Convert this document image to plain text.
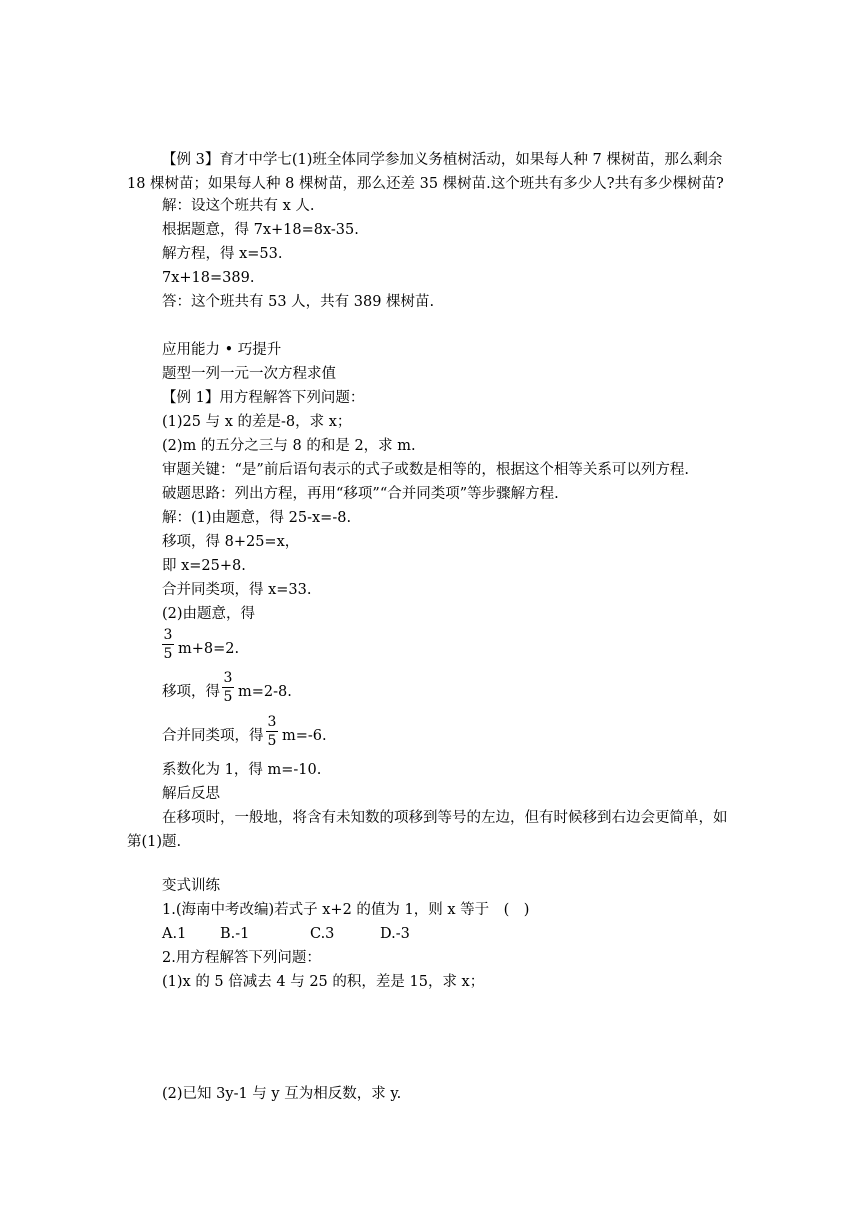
【例 3】育才中学七(1)班全体同学参加义务植树活动，如果每人种 7 棵树苗，那么剩余 18 棵树苗；如果每人种 8 棵树苗，那么还差 35 棵树苗.这个班共有多少人?共有多少棵树苗?
解：设这个班共有 x 人.
根据题意，得 7x+18=8x-35.
解方程，得 x=53.
7x+18=389.
答：这个班共有 53 人，共有 389 棵树苗.
应用能力 • 巧提升
题型一列一元一次方程求值
【例 1】用方程解答下列问题：
(1)25 与 x 的差是-8，求 x；
(2)m 的五分之三与 8 的和是 2，求 m.
审题关键：“是”前后语句表示的式子或数是相等的，根据这个相等关系可以列方程.
破题思路：列出方程，再用“移项”“合并同类项”等步骤解方程.
解：(1)由题意，得 25-x=-8.
移项，得 8+25=x，
即 x=25+8.
合并同类项，得 x=33.
(2)由题意，得
3
5 m+8=2.
移项，得
3
5 m=2-8.
合并同类项，得
3
5 m=-6.
系数化为 1，得 m=-10.
解后反思
在移项时，一般地，将含有未知数的项移到等号的左边，但有时候移到右边会更简单，如第(1)题.
变式训练
1.(海南中考改编)若式子 x+2 的值为 1，则 x 等于　(　)
A.1 B.-1	C.3	D.-3
2.用方程解答下列问题：
(1)x 的 5 倍减去 4 与 25 的积，差是 15，求 x；
(2)已知 3y-1 与 y 互为相反数，求 y.
